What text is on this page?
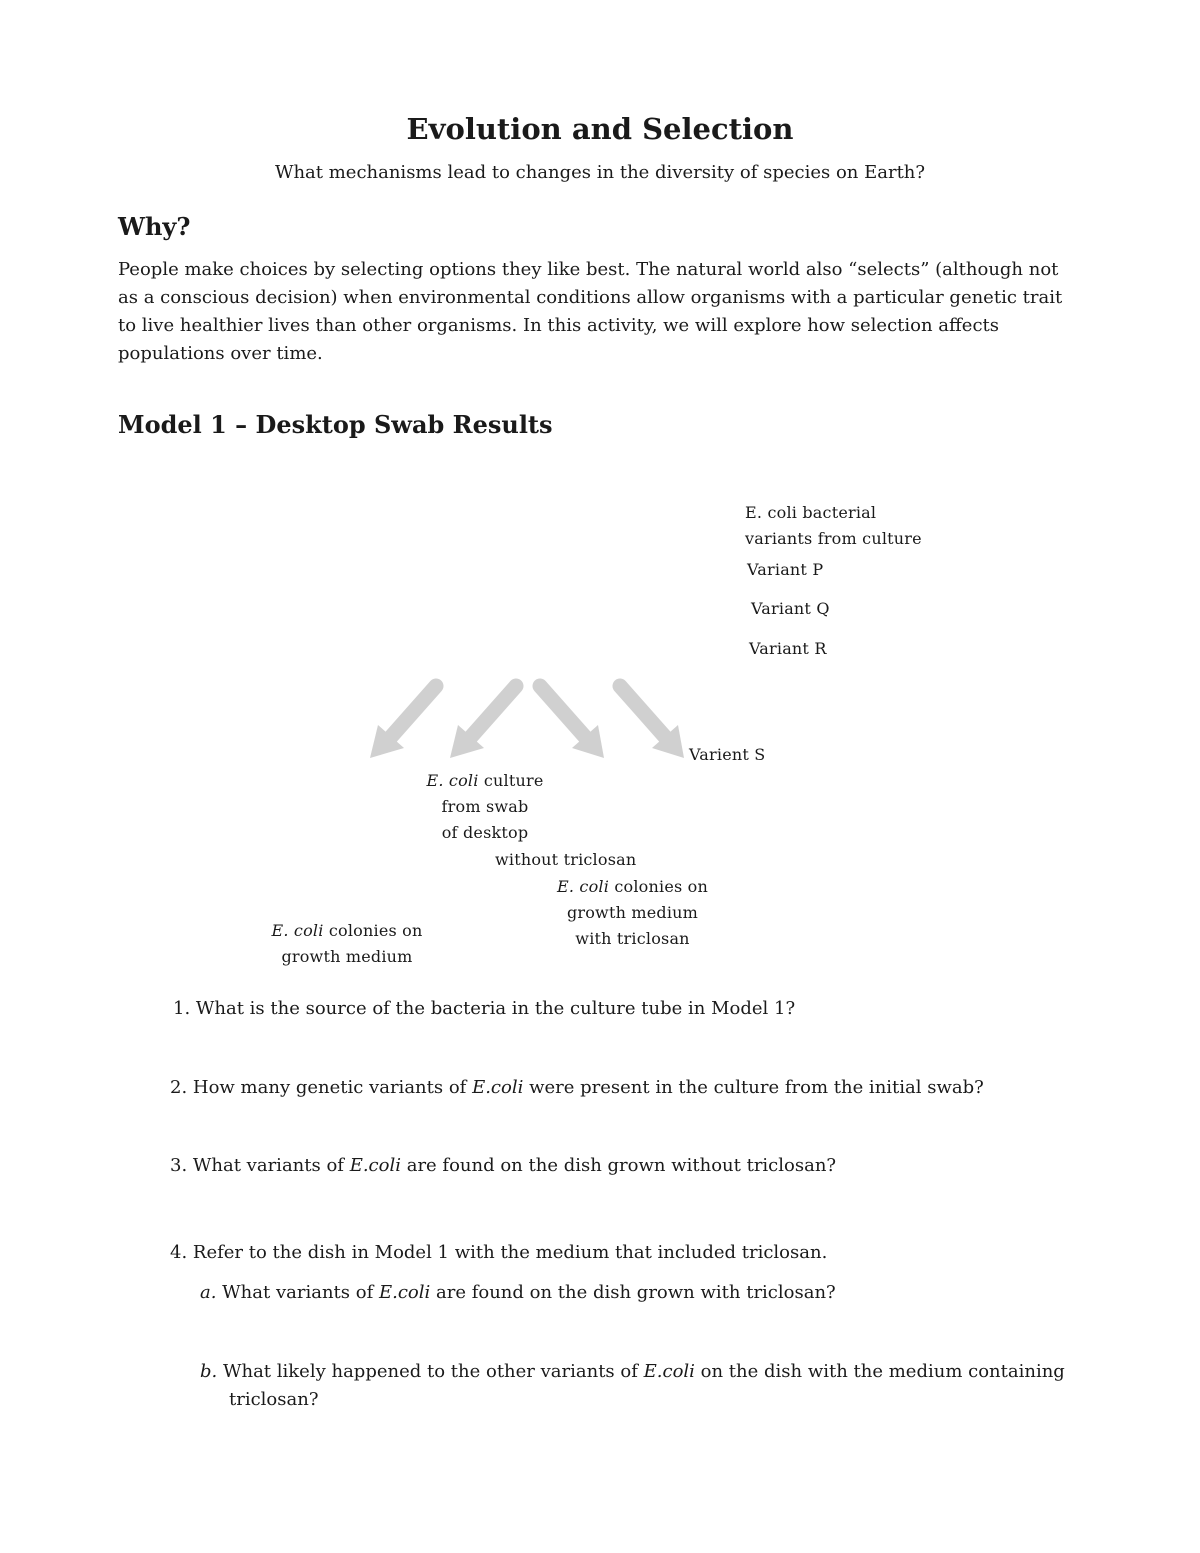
Evolution and Selection
What mechanisms lead to changes in the diversity of species on Earth?
Why?
People make choices by selecting options they like best. The natural world also “selects” (although not as a conscious decision) when environmental conditions allow organisms with a particular genetic trait to live healthier lives than other organisms. In this activity, we will explore how selection affects populations over time.
Model 1 – Desktop Swab Results
E. coli bacterial
variants from culture
Variant P
Variant Q
Variant R
Varient S
E. coli culture
from swab
of desktop
without triclosan
E. coli colonies on
growth medium
with triclosan
E. coli colonies on
growth medium
1. What is the source of the bacteria in the culture tube in Model 1?
2. How many genetic variants of E.coli were present in the culture from the initial swab?
3. What variants of E.coli are found on the dish grown without triclosan?
4. Refer to the dish in Model 1 with the medium that included triclosan.
a. What variants of E.coli are found on the dish grown with triclosan?
b. What likely happened to the other variants of E.coli on the dish with the medium containing
triclosan?
